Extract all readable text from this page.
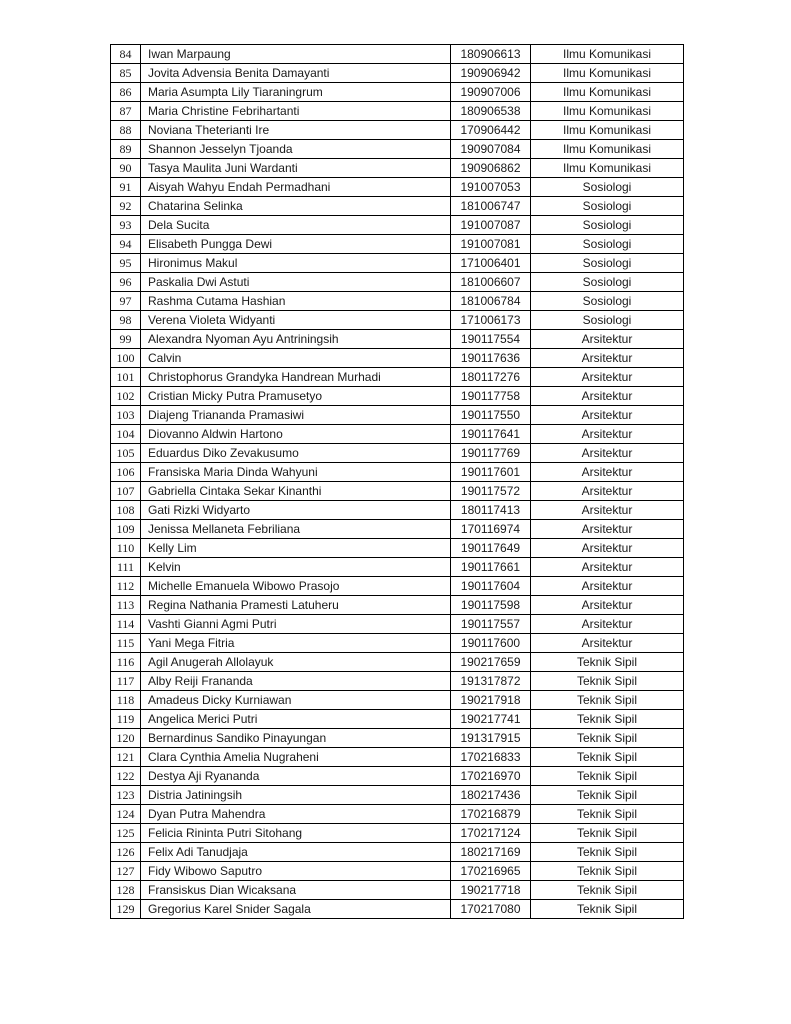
84	Iwan Marpaung	180906613	Ilmu Komunikasi
85	Jovita Advensia Benita Damayanti	190906942	Ilmu Komunikasi
86	Maria Asumpta Lily Tiaraningrum	190907006	Ilmu Komunikasi
87	Maria Christine Febrihartanti	180906538	Ilmu Komunikasi
88	Noviana Theterianti Ire	170906442	Ilmu Komunikasi
89	Shannon Jesselyn Tjoanda	190907084	Ilmu Komunikasi
90	Tasya Maulita Juni Wardanti	190906862	Ilmu Komunikasi
91	Aisyah Wahyu Endah Permadhani	191007053	Sosiologi
92	Chatarina Selinka	181006747	Sosiologi
93	Dela Sucita	191007087	Sosiologi
94	Elisabeth Pungga Dewi	191007081	Sosiologi
95	Hironimus Makul	171006401	Sosiologi
96	Paskalia Dwi Astuti	181006607	Sosiologi
97	Rashma Cutama Hashian	181006784	Sosiologi
98	Verena Violeta Widyanti	171006173	Sosiologi
99	Alexandra Nyoman Ayu Antriningsih	190117554	Arsitektur
100	Calvin	190117636	Arsitektur
101	Christophorus Grandyka Handrean Murhadi	180117276	Arsitektur
102	Cristian Micky Putra Pramusetyo	190117758	Arsitektur
103	Diajeng Triananda Pramasiwi	190117550	Arsitektur
104	Diovanno Aldwin Hartono	190117641	Arsitektur
105	Eduardus Diko Zevakusumo	190117769	Arsitektur
106	Fransiska Maria Dinda Wahyuni	190117601	Arsitektur
107	Gabriella Cintaka Sekar Kinanthi	190117572	Arsitektur
108	Gati Rizki Widyarto	180117413	Arsitektur
109	Jenissa Mellaneta Febriliana	170116974	Arsitektur
110	Kelly Lim	190117649	Arsitektur
111	Kelvin	190117661	Arsitektur
112	Michelle Emanuela Wibowo Prasojo	190117604	Arsitektur
113	Regina Nathania Pramesti Latuheru	190117598	Arsitektur
114	Vashti Gianni Agmi Putri	190117557	Arsitektur
115	Yani Mega Fitria	190117600	Arsitektur
116	Agil Anugerah Allolayuk	190217659	Teknik Sipil
117	Alby Reiji Frananda	191317872	Teknik Sipil
118	Amadeus Dicky Kurniawan	190217918	Teknik Sipil
119	Angelica Merici Putri	190217741	Teknik Sipil
120	Bernardinus Sandiko Pinayungan	191317915	Teknik Sipil
121	Clara Cynthia Amelia Nugraheni	170216833	Teknik Sipil
122	Destya Aji Ryananda	170216970	Teknik Sipil
123	Distria Jatiningsih	180217436	Teknik Sipil
124	Dyan Putra Mahendra	170216879	Teknik Sipil
125	Felicia Rininta Putri Sitohang	170217124	Teknik Sipil
126	Felix Adi Tanudjaja	180217169	Teknik Sipil
127	Fidy Wibowo Saputro	170216965	Teknik Sipil
128	Fransiskus Dian Wicaksana	190217718	Teknik Sipil
129	Gregorius Karel Snider Sagala	170217080	Teknik Sipil
